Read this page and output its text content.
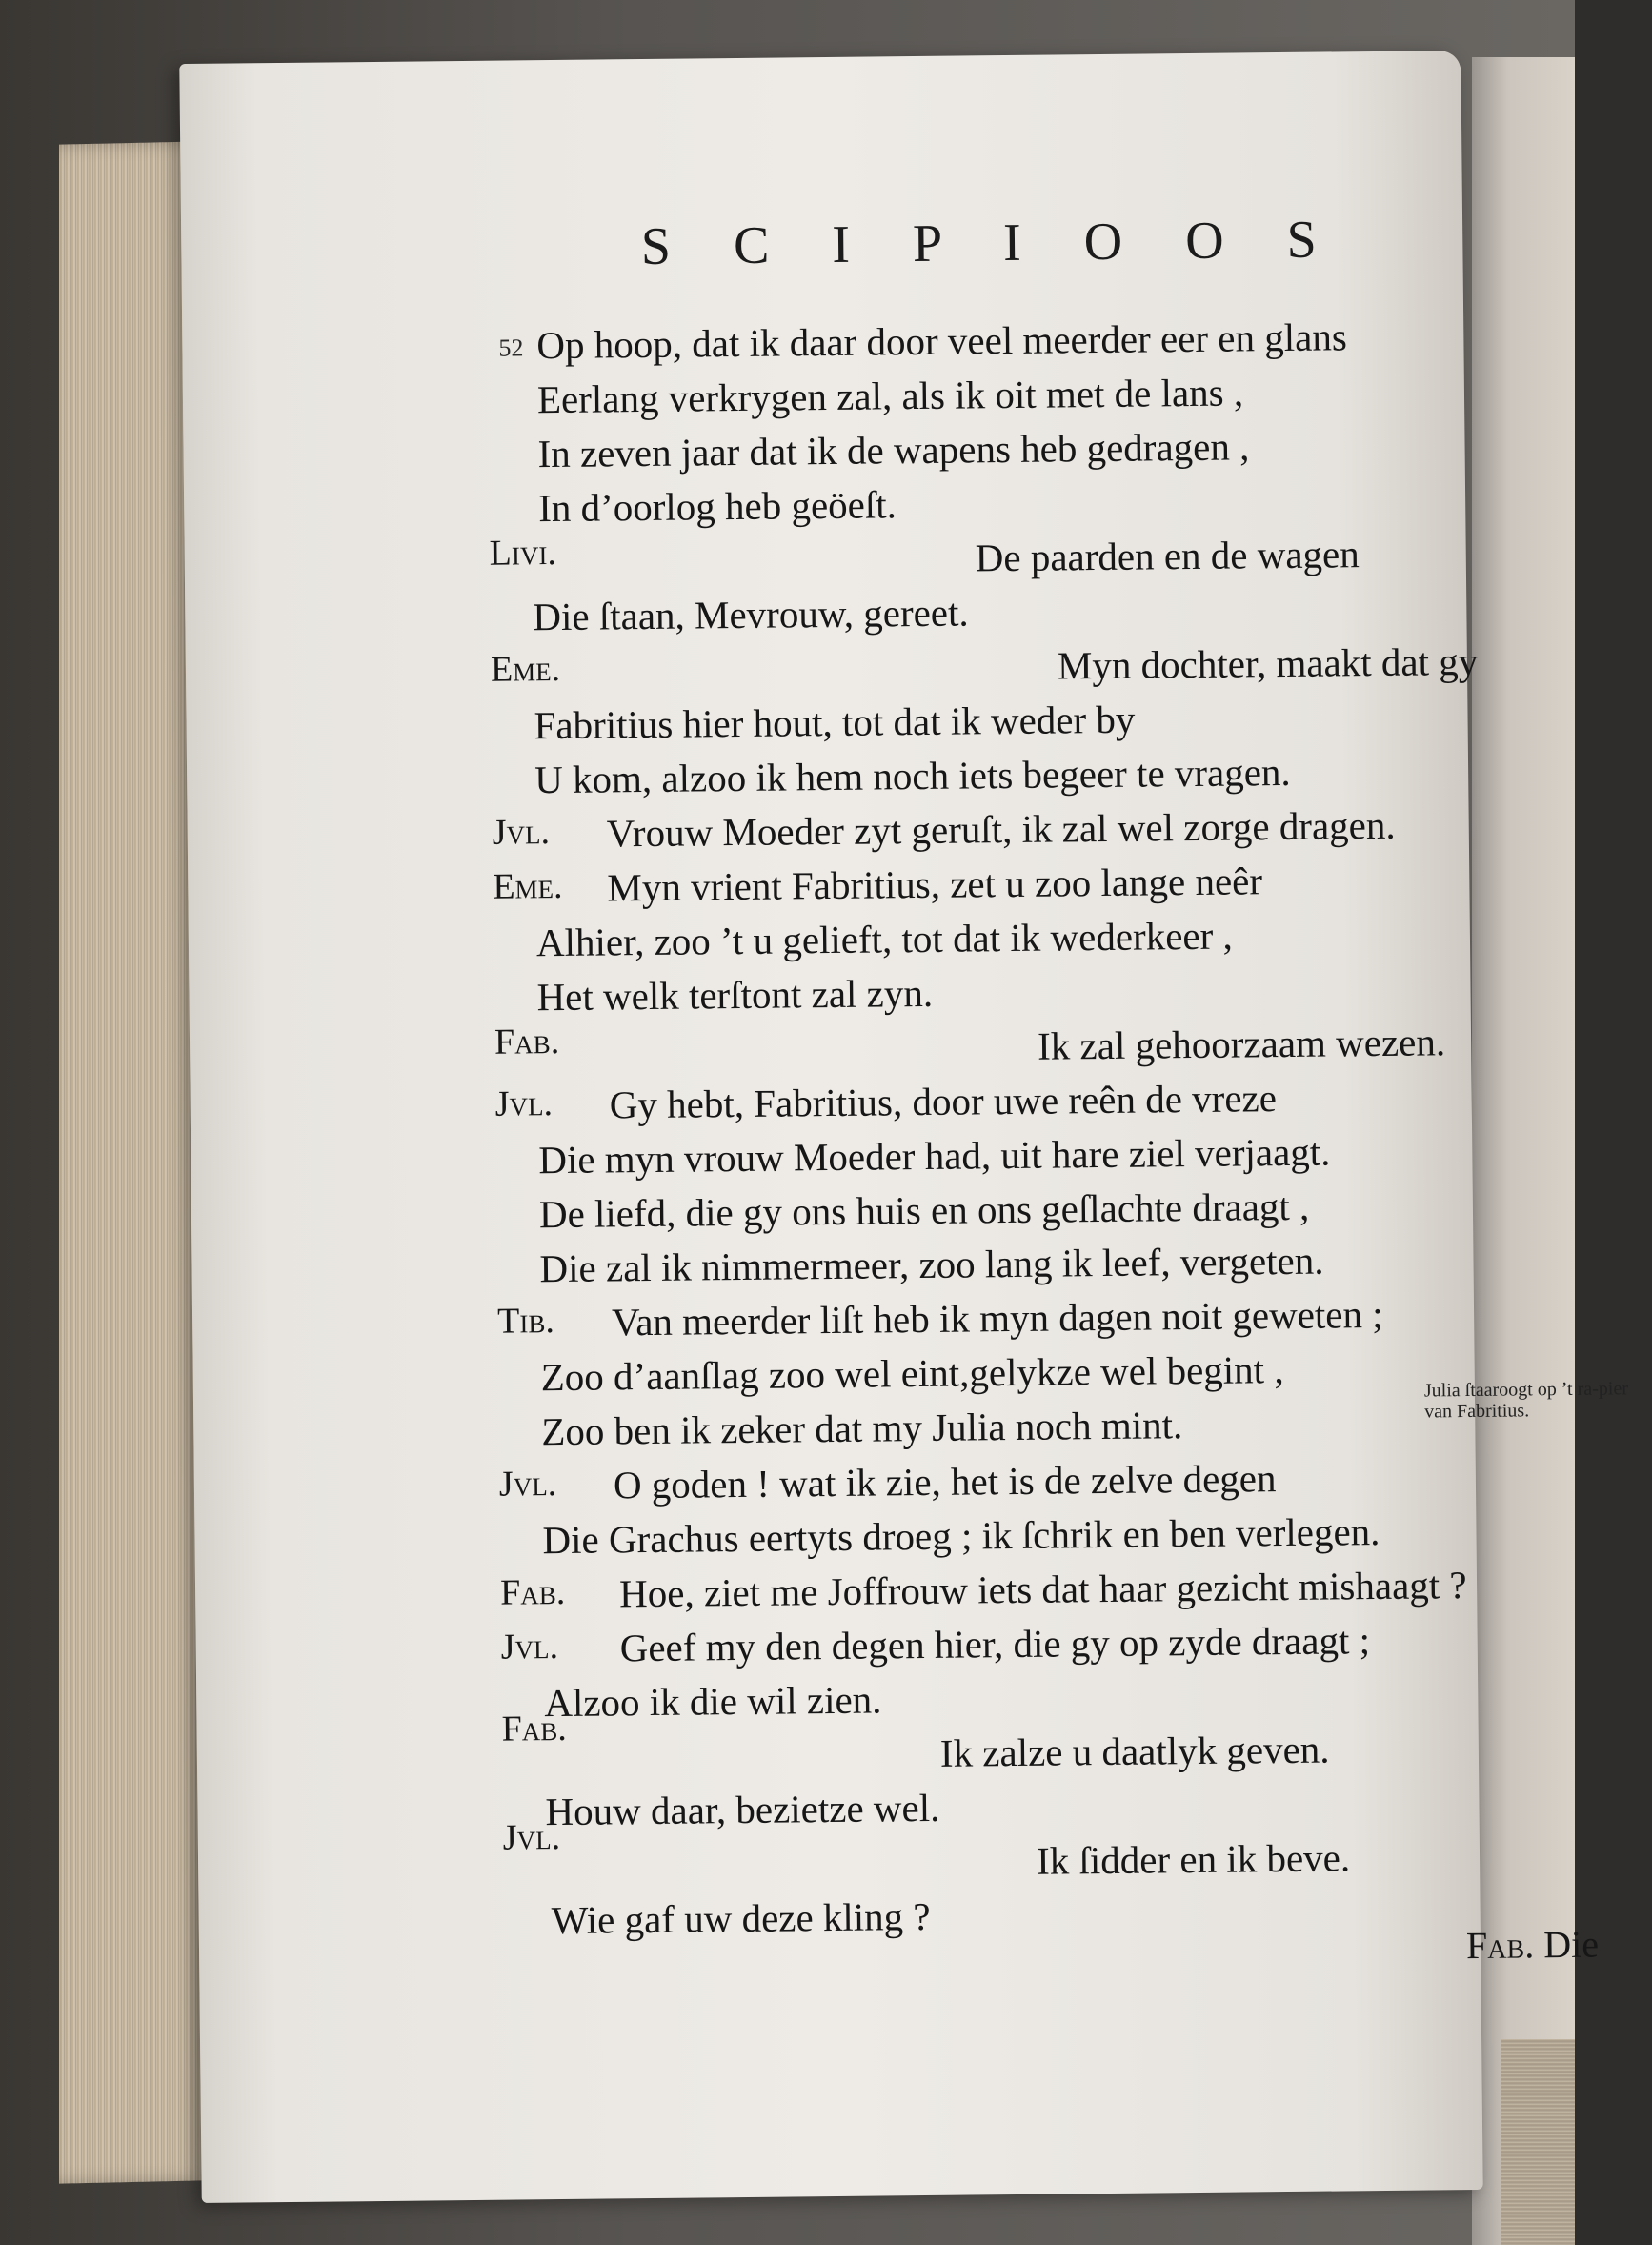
S C I P I O O S
52 Op hoop, dat ik daar door veel meerder eer en glans
Eerlang verkrygen zal, als ik oit met de lans ,
In zeven jaar dat ik de wapens heb gedragen ,
In d’oorlog heb geöeſt.
Livi.	De paarden en de wagen
Die ſtaan, Mevrouw, gereet.
Eme.	Myn dochter, maakt dat gy
Fabritius hier hout, tot dat ik weder by
U kom, alzoo ik hem noch iets begeer te vragen.
Jvl. Vrouw Moeder zyt geruſt, ik zal wel zorge dragen.
Eme. Myn vrient Fabritius, zet u zoo lange neêr
Alhier, zoo ’t u gelieft, tot dat ik wederkeer ,
Het welk terſtont zal zyn.
Fab.	Ik zal gehoorzaam wezen.
Jvl. Gy hebt, Fabritius, door uwe reên de vreze
Die myn vrouw Moeder had, uit hare ziel verjaagt.
De liefd, die gy ons huis en ons geſlachte draagt ,
Die zal ik nimmermeer, zoo lang ik leef, vergeten.
Tib. Van meerder liſt heb ik myn dagen noit geweten ;
Zoo d’aanſlag zoo wel eint,gelykze wel begint ,
Zoo ben ik zeker dat my Julia noch mint.
Jvl. O goden ! wat ik zie, het is de zelve degen
Die Grachus eertyts droeg ; ik ſchrik en ben verlegen.
Fab. Hoe, ziet me Joffrouw iets dat haar gezicht mishaagt ?
Jvl. Geef my den degen hier, die gy op zyde draagt ;
Alzoo ik die wil zien.
Fab.	Ik zalze u daatlyk geven.
Houw daar, bezietze wel.
Jvl.	Ik ſidder en ik beve.
Wie gaf uw deze kling ?
Julia ſtaaroogt op ’t ra-pier van Fabritius.
Fab. Die
